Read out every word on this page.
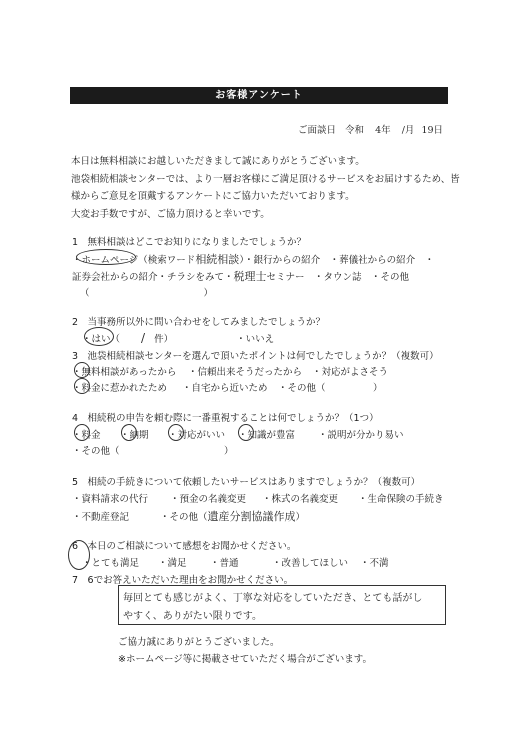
お客様アンケート
ご面談日 令和 4年 /月 19日
本日は無料相談にお越しいただきまして誠にありがとうございます。
池袋相続相談センターでは、より一層お客様にご満足頂けるサービスをお届けするため、皆
様からご意見を頂戴するアンケートにご協力いただいております。
大変お手数ですが、ご協力頂けると幸いです。
1　無料相談はどこでお知りになりましたでしょうか？
・ホームページ（検索ワード相続相談）・銀行からの紹介　・葬儀社からの紹介　・
証券会社からの紹介・チラシをみて・税理士セミナー　・タウン誌　・その他
（　　　　　　　　　　　　）
2　当事務所以外に問い合わせをしてみましたでしょうか？
・はい（ / 件）	・いいえ
3　池袋相続相談センターを選んで頂いたポイントは何でしたでしょうか？（複数可）
・無料相談があったから ・信頼出来そうだったから ・対応がよさそう
・料金に惹かれたため ・自宅から近いため ・その他（　　　　　）
4　相続税の申告を頼む際に一番重視することは何でしょうか？（1つ）
・料金 ・納期 ・対応がいい ・知識が豊富 ・説明が分かり易い
・その他（　　　　　　　　　　　）
5　相続の手続きについて依頼したいサービスはありますでしょうか？（複数可）
・資料請求の代行 ・預金の名義変更 ・株式の名義変更 ・生命保険の手続き
・不動産登記	・その他（遺産分割協議作成）
6　本日のご相談について感想をお聞かせください。
・とても満足 ・満足 ・普通	・改善してほしい ・不満
7　6でお答えいただいた理由をお聞かせください。
毎回とても感じがよく、丁寧な対応をしていただき、とても話がし
やすく、ありがたい限りです。
ご協力誠にありがとうございました。
※ホームページ等に掲載させていただく場合がございます。
